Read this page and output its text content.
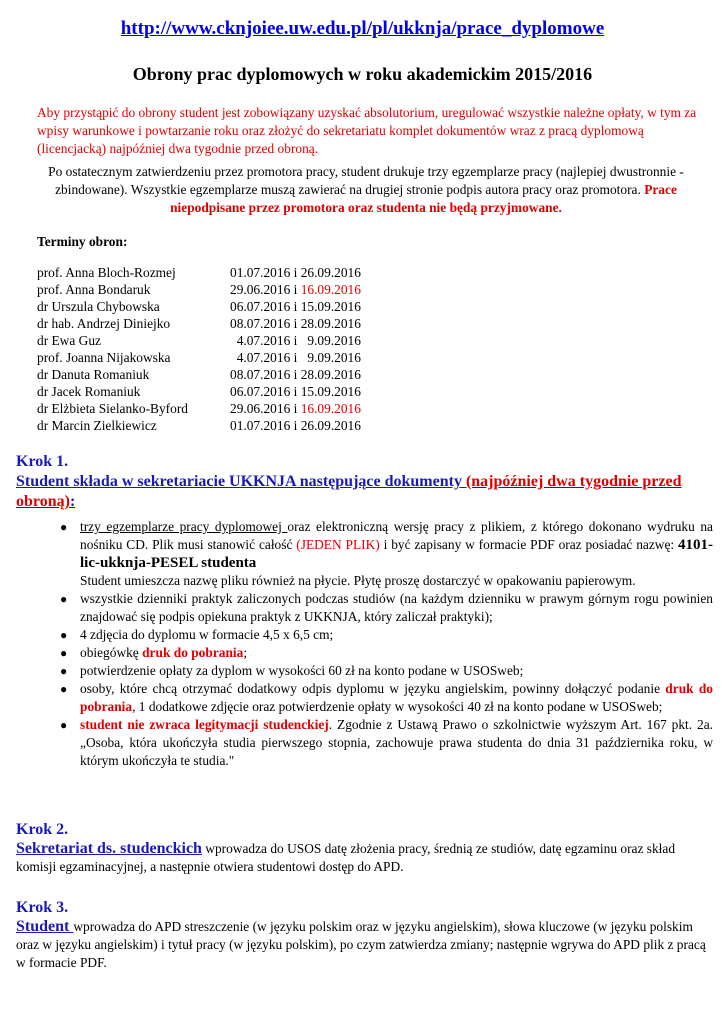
http://www.cknjoiee.uw.edu.pl/pl/ukknja/prace_dyplomowe
Obrony prac dyplomowych w roku akademickim 2015/2016
Aby przystąpić do obrony student jest zobowiązany uzyskać absolutorium, uregulować wszystkie należne opłaty, w tym za wpisy warunkowe i powtarzanie roku oraz złożyć do sekretariatu komplet dokumentów wraz z pracą dyplomową (licencjacką) najpóźniej dwa tygodnie przed obroną.
Po ostatecznym zatwierdzeniu przez promotora pracy, student drukuje trzy egzemplarze pracy (najlepiej dwustronnie - zbindowane). Wszystkie egzemplarze muszą zawierać na drugiej stronie podpis autora pracy oraz promotora. Prace niepodpisane przez promotora oraz studenta nie będą przyjmowane.
Terminy obron:
prof. Anna Bloch-Rozmej	01.07.2016 i 26.09.2016
prof. Anna Bondaruk	29.06.2016 i 16.09.2016
dr Urszula Chybowska	06.07.2016 i 15.09.2016
dr hab. Andrzej Diniejko	08.07.2016 i 28.09.2016
dr Ewa Guz	4.07.2016 i   9.09.2016
prof. Joanna Nijakowska	4.07.2016 i   9.09.2016
dr Danuta Romaniuk	08.07.2016 i 28.09.2016
dr Jacek Romaniuk	06.07.2016 i 15.09.2016
dr Elżbieta Sielanko-Byford	29.06.2016 i 16.09.2016
dr Marcin Zielkiewicz	01.07.2016 i 26.09.2016
Krok 1.
Student składa w sekretariacie UKKNJA następujące dokumenty (najpóźniej dwa tygodnie przed obroną):
● trzy egzemplarze pracy dyplomowej oraz elektroniczną wersję pracy z plikiem, z którego dokonano wydruku na nośniku CD. Plik musi stanowić całość (JEDEN PLIK) i być zapisany w formacie PDF oraz posiadać nazwę: 4101-lic-ukknja-PESEL studenta
Student umieszcza nazwę pliku również na płycie. Płytę proszę dostarczyć w opakowaniu papierowym.
● wszystkie dzienniki praktyk zaliczonych podczas studiów (na każdym dzienniku w prawym górnym rogu powinien znajdować się podpis opiekuna praktyk z UKKNJA, który zaliczał praktyki);
● 4 zdjęcia do dyplomu w formacie 4,5 x 6,5 cm;
● obiegówkę druk do pobrania;
● potwierdzenie opłaty za dyplom w wysokości 60 zł na konto podane w USOSweb;
● osoby, które chcą otrzymać dodatkowy odpis dyplomu w języku angielskim, powinny dołączyć podanie druk do pobrania, 1 dodatkowe zdjęcie oraz potwierdzenie opłaty w wysokości 40 zł na konto podane w USOSweb;
● student nie zwraca legitymacji studenckiej. Zgodnie z Ustawą Prawo o szkolnictwie wyższym Art. 167 pkt. 2a. „Osoba, która ukończyła studia pierwszego stopnia, zachowuje prawa studenta do dnia 31 października roku, w którym ukończyła te studia."
Krok 2.
Sekretariat ds. studenckich wprowadza do USOS datę złożenia pracy, średnią ze studiów, datę egzaminu oraz skład komisji egzaminacyjnej, a następnie otwiera studentowi dostęp do APD.
Krok 3.
Student wprowadza do APD streszczenie (w języku polskim oraz w języku angielskim), słowa kluczowe (w języku polskim oraz w języku angielskim) i tytuł pracy (w języku polskim), po czym zatwierdza zmiany; następnie wgrywa do APD plik z pracą w formacie PDF.
